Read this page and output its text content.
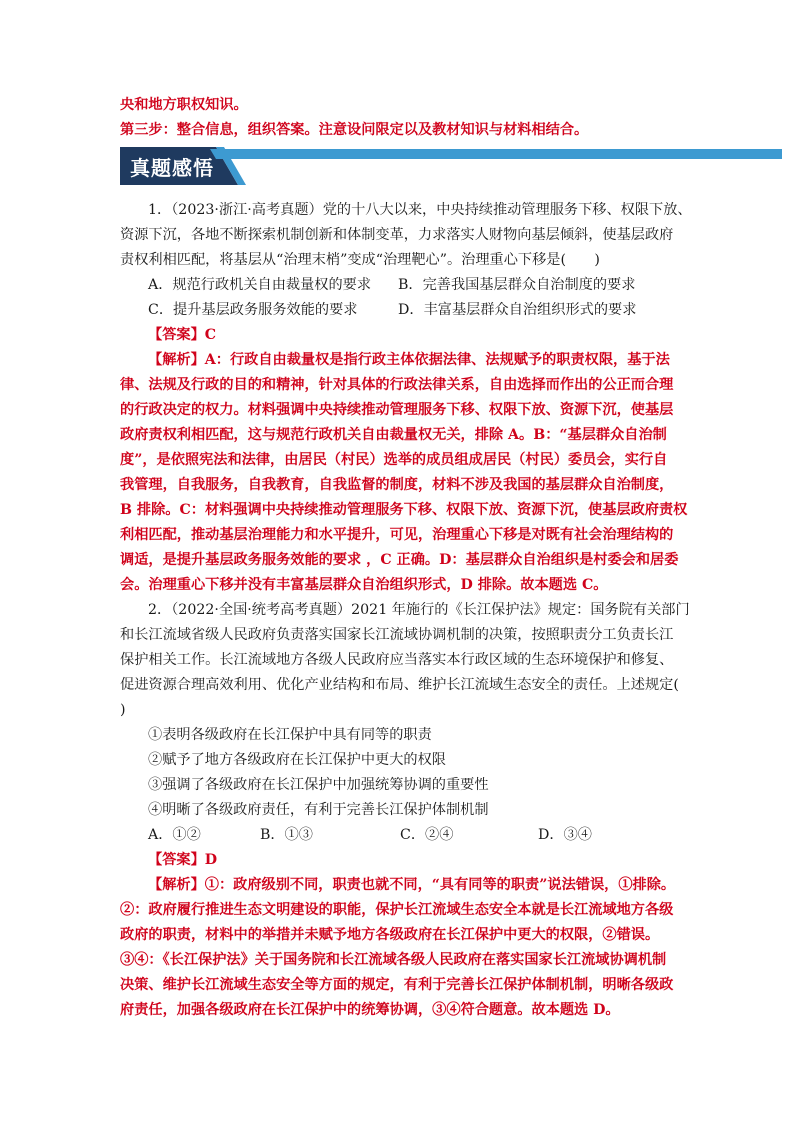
央和地方职权知识。
第三步：整合信息，组织答案。注意设问限定以及教材知识与材料相结合。
真题感悟
1．（2023·浙江·高考真题）党的十八大以来，中央持续推动管理服务下移、权限下放、
资源下沉，各地不断探索机制创新和体制变革，力求落实人财物向基层倾斜，使基层政府
责权利相匹配，将基层从“治理末梢”变成“治理靶心”。治理重心下移是(　　)
A．规范行政机关自由裁量权的要求 B．完善我国基层群众自治制度的要求
C．提升基层政务服务效能的要求	D．丰富基层群众自治组织形式的要求
【答案】C
【解析】A：行政自由裁量权是指行政主体依据法律、法规赋予的职责权限，基于法
律、法规及行政的目的和精神，针对具体的行政法律关系，自由选择而作出的公正而合理
的行政决定的权力。材料强调中央持续推动管理服务下移、权限下放、资源下沉，使基层
政府责权利相匹配，这与规范行政机关自由裁量权无关，排除 A。B：“基层群众自治制
度”，是依照宪法和法律，由居民（村民）选举的成员组成居民（村民）委员会，实行自
我管理，自我服务，自我教育，自我监督的制度，材料不涉及我国的基层群众自治制度，
B 排除。C：材料强调中央持续推动管理服务下移、权限下放、资源下沉，使基层政府责权
利相匹配，推动基层治理能力和水平提升，可见，治理重心下移是对既有社会治理结构的
调适，是提升基层政务服务效能的要求 ，C 正确。D：基层群众自治组织是村委会和居委
会。治理重心下移并没有丰富基层群众自治组织形式，D 排除。故本题选 C。
2．（2022·全国·统考高考真题）2021 年施行的《长江保护法》规定：国务院有关部门
和长江流域省级人民政府负责落实国家长江流域协调机制的决策，按照职责分工负责长江
保护相关工作。长江流域地方各级人民政府应当落实本行政区域的生态环境保护和修复、
促进资源合理高效利用、优化产业结构和布局、维护长江流域生态安全的责任。上述规定(
)
①表明各级政府在长江保护中具有同等的职责
②赋予了地方各级政府在长江保护中更大的权限
③强调了各级政府在长江保护中加强统筹协调的重要性
④明晰了各级政府责任，有利于完善长江保护体制机制
A．①②	B．①③	C．②④	D．③④
【答案】D
【解析】①：政府级别不同，职责也就不同，“具有同等的职责”说法错误，①排除。
②：政府履行推进生态文明建设的职能，保护长江流域生态安全本就是长江流域地方各级
政府的职责，材料中的举措并未赋予地方各级政府在长江保护中更大的权限，②错误。
③④：《长江保护法》关于国务院和长江流域各级人民政府在落实国家长江流域协调机制
决策、维护长江流域生态安全等方面的规定，有利于完善长江保护体制机制，明晰各级政
府责任，加强各级政府在长江保护中的统筹协调，③④符合题意。故本题选 D。
